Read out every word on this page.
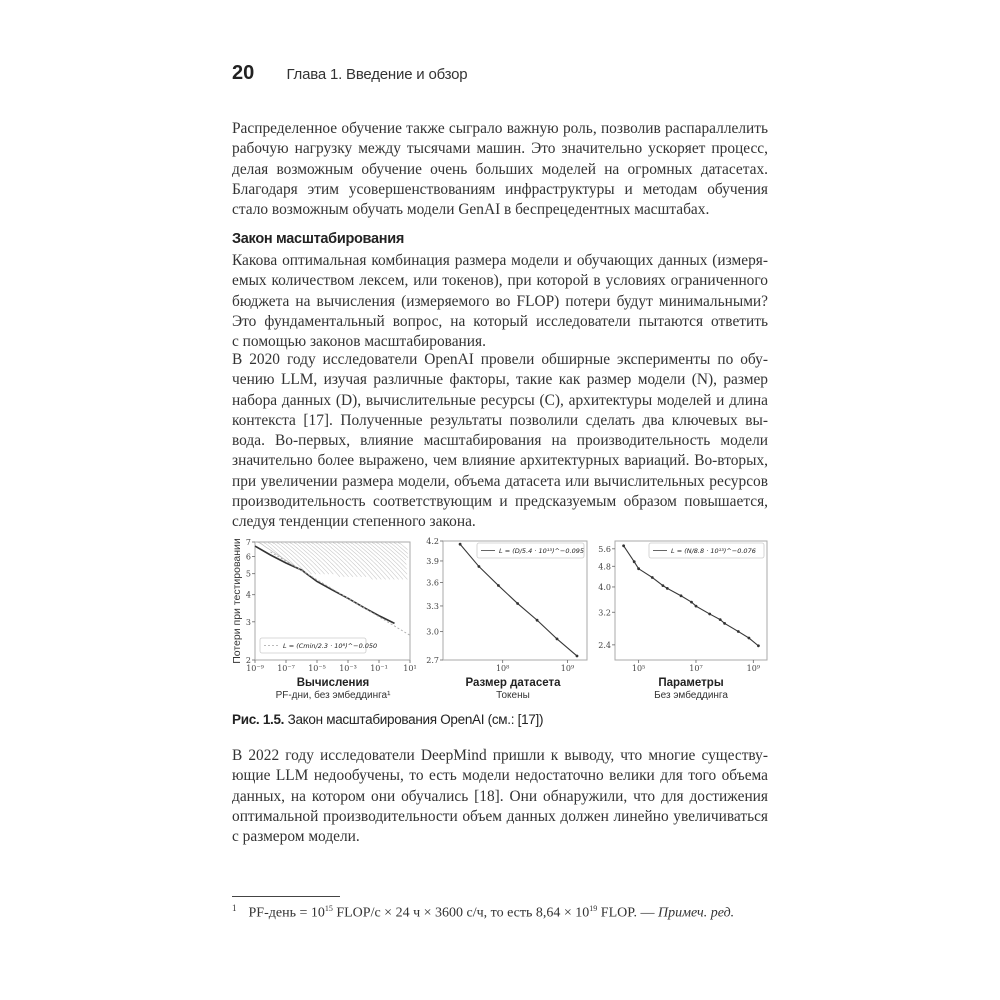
20 Глава 1. Введение и обзор

Распределенное обучение также сыграло важную роль, позволив распараллелить
рабочую нагрузку между тысячами машин. Это значительно ускоряет процесс,
делая возможным обучение очень больших моделей на огромных датасетах.
Благодаря этим усовершенствованиям инфраструктуры и методам обучения
стало возможным обучать модели GenAI в беспрецедентных масштабах.

Закон масштабирования

Какова оптимальная комбинация размера модели и обучающих данных (измеря-
емых количеством лексем, или токенов), при которой в условиях ограниченного
бюджета на вычисления (измеряемого во FLOP) потери будут минимальными?
Это фундаментальный вопрос, на который исследователи пытаются ответить
с помощью законов масштабирования.

В 2020 году исследователи OpenAI провели обширные эксперименты по обу-
чению LLM, изучая различные факторы, такие как размер модели (N), размер
набора данных (D), вычислительные ресурсы (C), архитектуры моделей и длина
контекста [17]. Полученные результаты позволили сделать два ключевых вы-
вода. Во-первых, влияние масштабирования на производительность модели
значительно более выражено, чем влияние архитектурных вариаций. Во-вторых,
при увеличении размера модели, объема датасета или вычислительных ресурсов
производительность соответствующим и предсказуемым образом повышается,
следуя тенденции степенного закона.

2
3
4
5
6
7
10⁻⁹ 10⁻⁷ 10⁻⁵ 10⁻³ 10⁻¹ 10¹
L = (Cmin/2.3 · 10⁸)^−0.050
Потери при тестировании
Вычисления
PF-дни, без эмбеддинга¹
2.7
3.0
3.3
3.6
3.9
4.2
10⁸	10⁹
L = (D/5.4 · 10¹³)^−0.095
Размер датасета
Токены
2.4
3.2
4.0
4.8
5.6
10⁵	10⁷	10⁹
L = (N/8.8 · 10¹³)^−0.076
Параметры
Без эмбеддинга
Рис. 1.5. Закон масштабирования OpenAI (см.: [17])

В 2022 году исследователи DeepMind пришли к выводу, что многие существу-
ющие LLM недообучены, то есть модели недостаточно велики для того объема
данных, на котором они обучались [18]. Они обнаружили, что для достижения
оптимальной производительности объем данных должен линейно увеличиваться
с размером модели.

$^1$ PF-день = $10^{15}$ FLOP/с × 24 ч × 3600 с/ч, то есть $8,64 \times 10^{19}$ FLOP. — Примеч. ред.
